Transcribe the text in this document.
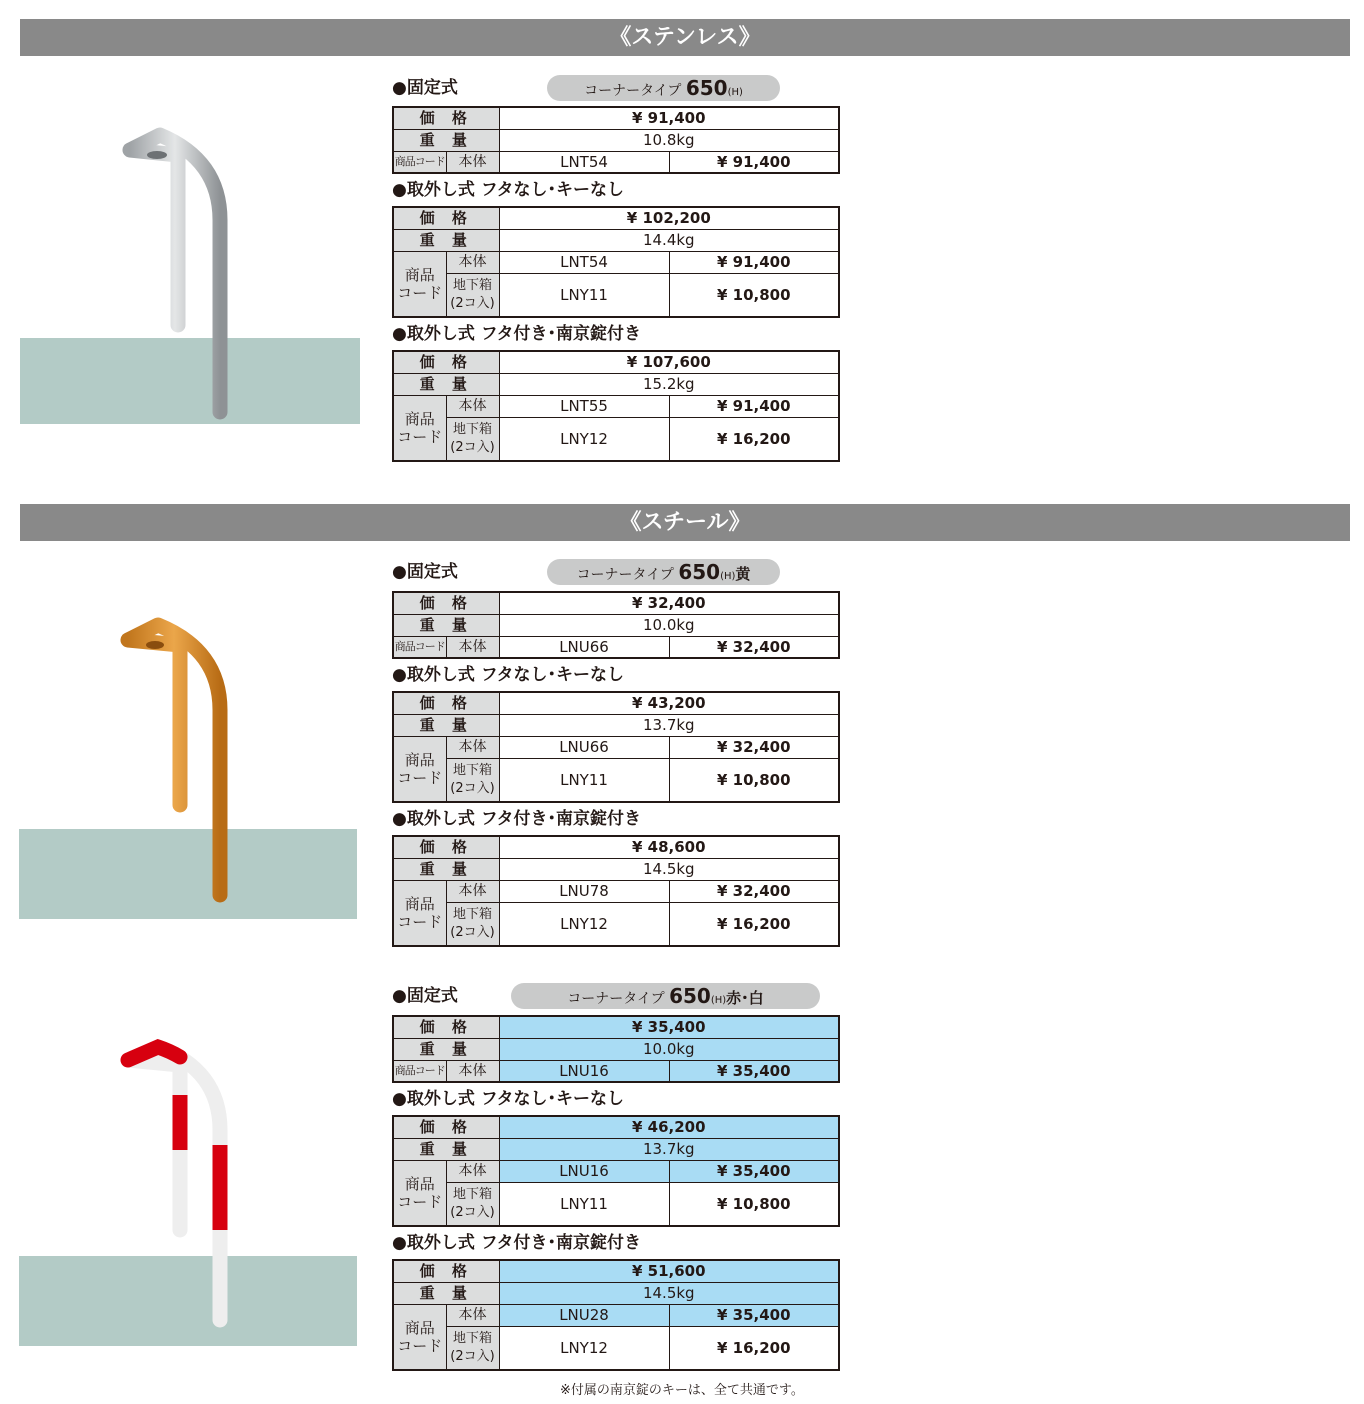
《ステンレス》
《スチール》
●固定式	コーナータイプ 650(H)
価 格		¥ 91,400	
重 量		10.8kg	
商品コード	本体	LNT54	¥ 91,400
●取外し式 フタなし･キーなし
価 格		¥ 102,200	
重 量		14.4kg	
商品
コード	本体	LNT54	¥ 91,400
	地下箱
(2コ入)	LNY11	¥ 10,800
●取外し式 フタ付き･南京錠付き
価 格		¥ 107,600	
重 量		15.2kg	
商品
コード	本体	LNT55	¥ 91,400
	地下箱
(2コ入)	LNY12	¥ 16,200
●固定式	コーナータイプ 650(H)黄
価 格		¥ 32,400	
重 量		10.0kg	
商品コード	本体	LNU66	¥ 32,400
●取外し式 フタなし･キーなし
価 格		¥ 43,200	
重 量		13.7kg	
商品
コード	本体	LNU66	¥ 32,400
	地下箱
(2コ入)	LNY11	¥ 10,800
●取外し式 フタ付き･南京錠付き
価 格		¥ 48,600	
重 量		14.5kg	
商品
コード	本体	LNU78	¥ 32,400
	地下箱
(2コ入)	LNY12	¥ 16,200
●固定式	コーナータイプ 650(H)赤･白
価 格		¥ 35,400	
重 量		10.0kg	
商品コード	本体	LNU16	¥ 35,400
●取外し式 フタなし･キーなし
価 格		¥ 46,200	
重 量		13.7kg	
商品
コード	本体	LNU16	¥ 35,400
	地下箱
(2コ入)	LNY11	¥ 10,800
●取外し式 フタ付き･南京錠付き
価 格		¥ 51,600	
重 量		14.5kg	
商品
コード	本体	LNU28	¥ 35,400
	地下箱
(2コ入)	LNY12	¥ 16,200
※付属の南京錠のキーは、全て共通です。
